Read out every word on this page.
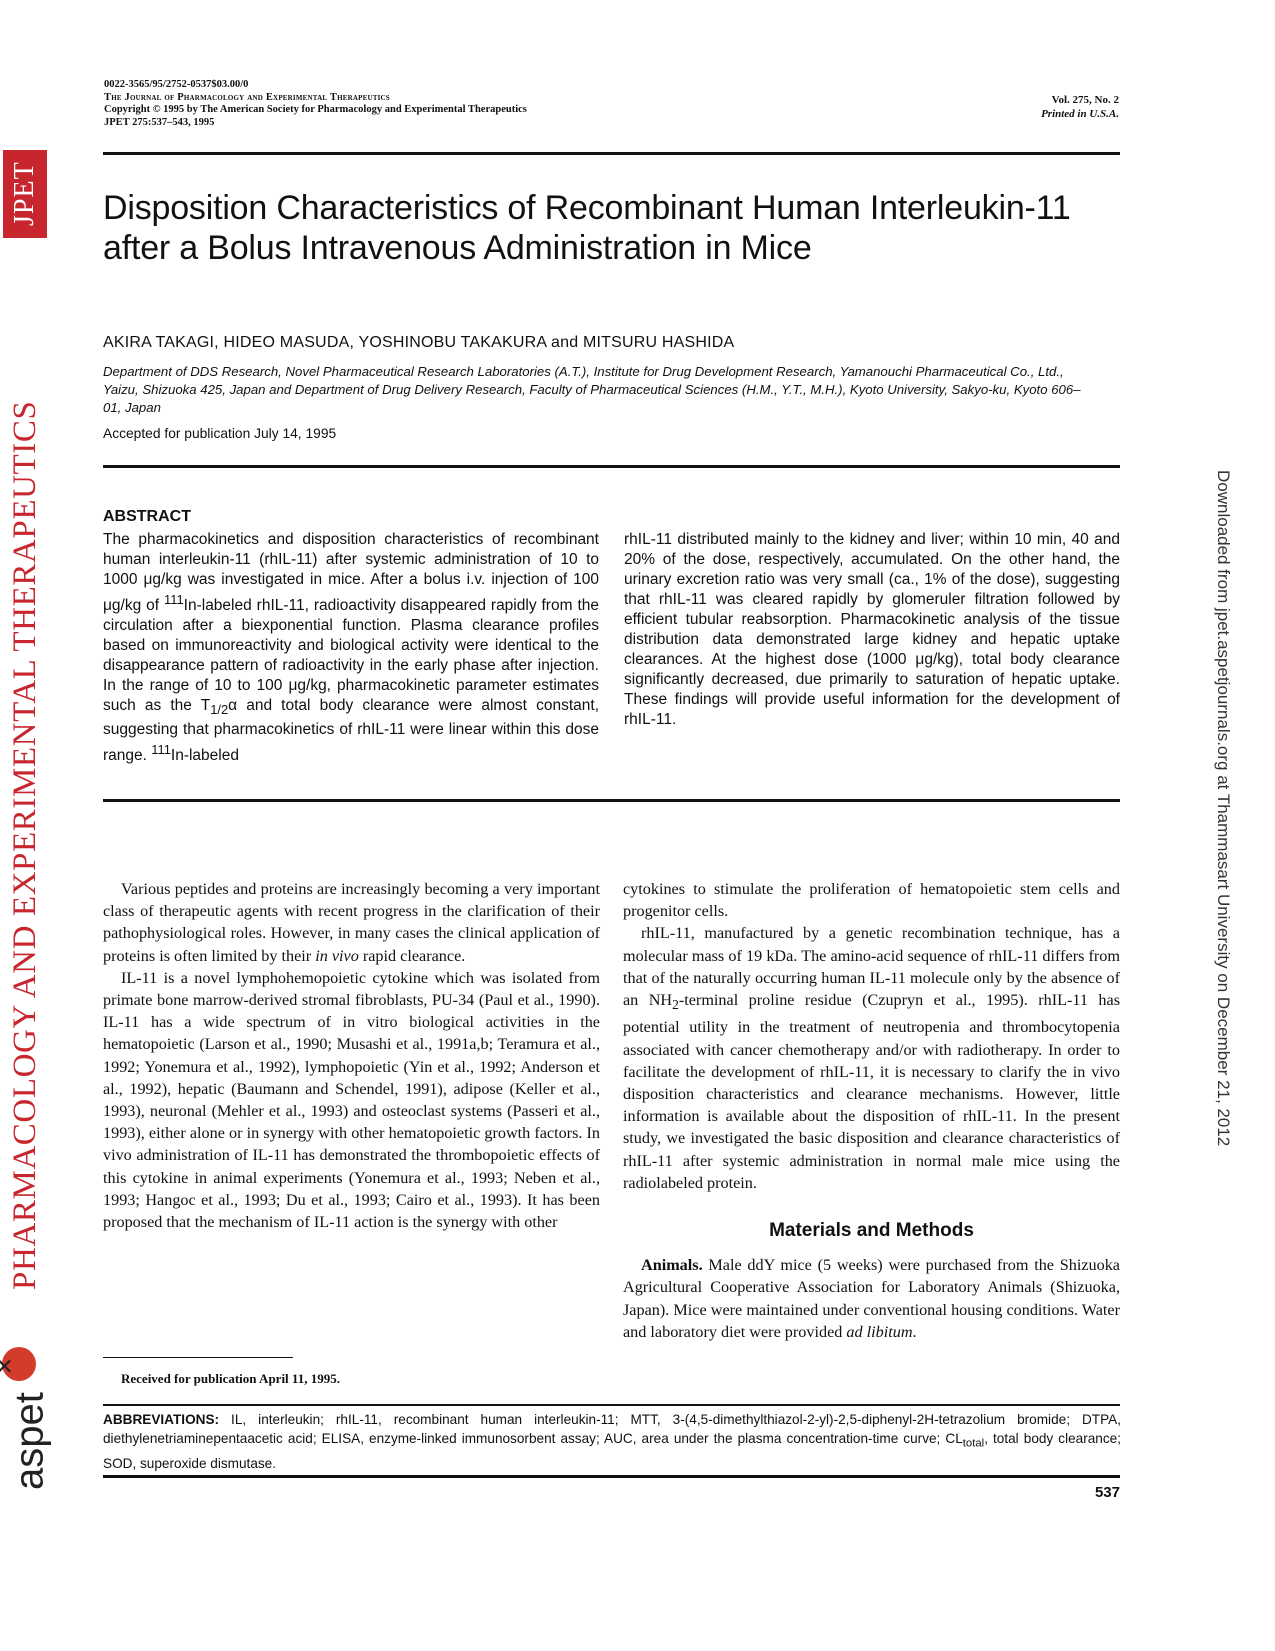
JPET
PHARMACOLOGY AND EXPERIMENTAL THERAPEUTICS
aspet ✕
Downloaded from jpet.aspetjournals.org at Thammasart University on December 21, 2012
0022-3565/95/2752-0537$03.00/0
The Journal of Pharmacology and Experimental Therapeutics
Copyright © 1995 by The American Society for Pharmacology and Experimental Therapeutics
JPET 275:537–543, 1995
Vol. 275, No. 2
Printed in U.S.A.
Disposition Characteristics of Recombinant Human Interleukin-11 after a Bolus Intravenous Administration in Mice
AKIRA TAKAGI, HIDEO MASUDA, YOSHINOBU TAKAKURA and MITSURU HASHIDA
Department of DDS Research, Novel Pharmaceutical Research Laboratories (A.T.), Institute for Drug Development Research, Yamanouchi Pharmaceutical Co., Ltd., Yaizu, Shizuoka 425, Japan and Department of Drug Delivery Research, Faculty of Pharmaceutical Sciences (H.M., Y.T., M.H.), Kyoto University, Sakyo-ku, Kyoto 606–01, Japan
Accepted for publication July 14, 1995
ABSTRACT
The pharmacokinetics and disposition characteristics of recombinant human interleukin-11 (rhIL-11) after systemic administration of 10 to 1000 μg/kg was investigated in mice. After a bolus i.v. injection of 100 μg/kg of $^{111}$In-labeled rhIL-11, radioactivity disappeared rapidly from the circulation after a biexponential function. Plasma clearance profiles based on immunoreactivity and biological activity were identical to the disappearance pattern of radioactivity in the early phase after injection. In the range of 10 to 100 μg/kg, pharmacokinetic parameter estimates such as the $T_{1/2}\alpha$ and total body clearance were almost constant, suggesting that pharmacokinetics of rhIL-11 were linear within this dose range. $^{111}$In-labeled
rhIL-11 distributed mainly to the kidney and liver; within 10 min, 40 and 20% of the dose, respectively, accumulated. On the other hand, the urinary excretion ratio was very small (ca., 1% of the dose), suggesting that rhIL-11 was cleared rapidly by glomeruler filtration followed by efficient tubular reabsorption. Pharmacokinetic analysis of the tissue distribution data demonstrated large kidney and hepatic uptake clearances. At the highest dose (1000 μg/kg), total body clearance significantly decreased, due primarily to saturation of hepatic uptake. These findings will provide useful information for the development of rhIL-11.

Various peptides and proteins are increasingly becoming a very important class of therapeutic agents with recent progress in the clarification of their pathophysiological roles. However, in many cases the clinical application of proteins is often limited by their in vivo rapid clearance.

IL-11 is a novel lymphohemopoietic cytokine which was isolated from primate bone marrow-derived stromal fibroblasts, PU-34 (Paul et al., 1990). IL-11 has a wide spectrum of in vitro biological activities in the hematopoietic (Larson et al., 1990; Musashi et al., 1991a,b; Teramura et al., 1992; Yonemura et al., 1992), lymphopoietic (Yin et al., 1992; Anderson et al., 1992), hepatic (Baumann and Schendel, 1991), adipose (Keller et al., 1993), neuronal (Mehler et al., 1993) and osteoclast systems (Passeri et al., 1993), either alone or in synergy with other hematopoietic growth factors. In vivo administration of IL-11 has demonstrated the thrombopoietic effects of this cytokine in animal experiments (Yonemura et al., 1993; Neben et al., 1993; Hangoc et al., 1993; Du et al., 1993; Cairo et al., 1993). It has been proposed that the mechanism of IL-11 action is the synergy with other

cytokines to stimulate the proliferation of hematopoietic stem cells and progenitor cells.

rhIL-11, manufactured by a genetic recombination technique, has a molecular mass of 19 kDa. The amino-acid sequence of rhIL-11 differs from that of the naturally occurring human IL-11 molecule only by the absence of an $NH_2$-terminal proline residue (Czupryn et al., 1995). rhIL-11 has potential utility in the treatment of neutropenia and thrombocytopenia associated with cancer chemotherapy and/or with radiotherapy. In order to facilitate the development of rhIL-11, it is necessary to clarify the in vivo disposition characteristics and clearance mechanisms. However, little information is available about the disposition of rhIL-11. In the present study, we investigated the basic disposition and clearance characteristics of rhIL-11 after systemic administration in normal male mice using the radiolabeled protein.

Materials and Methods

Animals. Male ddY mice (5 weeks) were purchased from the Shizuoka Agricultural Cooperative Association for Laboratory Animals (Shizuoka, Japan). Mice were maintained under conventional housing conditions. Water and laboratory diet were provided ad libitum.

Received for publication April 11, 1995.
ABBREVIATIONS: IL, interleukin; rhIL-11, recombinant human interleukin-11; MTT, 3-(4,5-dimethylthiazol-2-yl)-2,5-diphenyl-2H-tetrazolium bromide; DTPA, diethylenetriaminepentaacetic acid; ELISA, enzyme-linked immunosorbent assay; AUC, area under the plasma concentration-time curve; $CL_{total}$, total body clearance; SOD, superoxide dismutase.
537
